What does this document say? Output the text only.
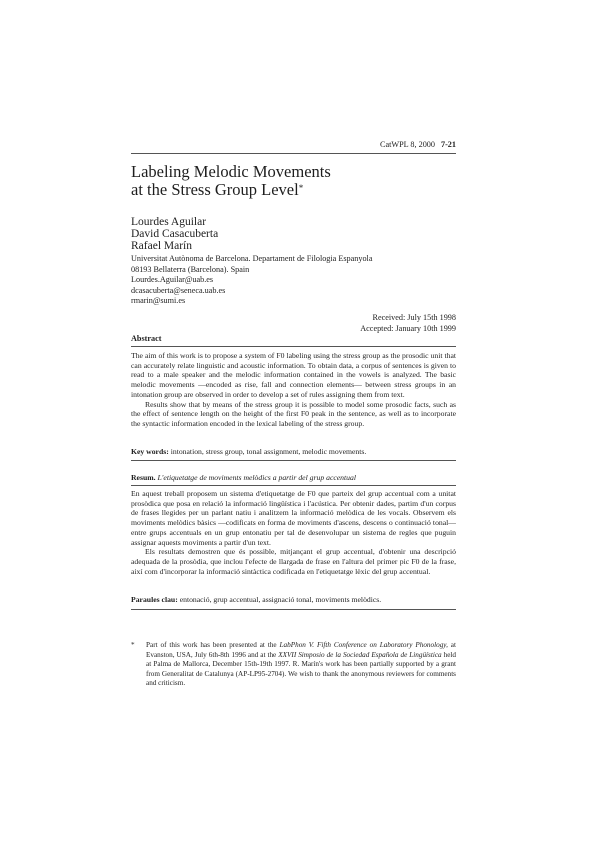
CatWPL 8, 2000 7-21
Labeling Melodic Movements
at the Stress Group Level*
Lourdes Aguilar
David Casacuberta
Rafael Marín
Universitat Autònoma de Barcelona. Departament de Filologia Espanyola
08193 Bellaterra (Barcelona). Spain
Lourdes.Aguilar@uab.es
dcasacuberta@seneca.uab.es
rmarin@sumi.es
Received: July 15th 1998
Accepted: January 10th 1999
Abstract

The aim of this work is to propose a system of F0 labeling using the stress group as the prosodic unit that can accurately relate linguistic and acoustic information. To obtain data, a corpus of sentences is given to read to a male speaker and the melodic information contained in the vowels is analyzed. The basic melodic movements —encoded as rise, fall and connection elements— between stress groups in an intonation group are observed in order to develop a set of rules assigning them from text.

Results show that by means of the stress group it is possible to model some prosodic facts, such as the effect of sentence length on the height of the first F0 peak in the sentence, as well as to incorporate the syntactic information encoded in the lexical labeling of the stress group.

Key words: intonation, stress group, tonal assignment, melodic movements.
Resum. L'etiquetatge de moviments melòdics a partir del grup accentual

En aquest treball proposem un sistema d'etiquetatge de F0 que parteix del grup accentual com a unitat prosòdica que posa en relació la informació lingüística i l'acústica. Per obtenir dades, partim d'un corpus de frases llegides per un parlant natiu i analitzem la informació melòdica de les vocals. Observem els moviments melòdics bàsics —codificats en forma de moviments d'ascens, descens o continuació tonal— entre grups accentuals en un grup entonatiu per tal de desenvolupar un sistema de regles que puguin assignar aquests moviments a partir d'un text.

Els resultats demostren que és possible, mitjançant el grup accentual, d'obtenir una descripció adequada de la prosòdia, que inclou l'efecte de llargada de frase en l'altura del primer pic F0 de la frase, així com d'incorporar la informació sintàctica codificada en l'etiquetatge lèxic del grup accentual.

Paraules clau: entonació, grup accentual, assignació tonal, moviments melòdics.
* Part of this work has been presented at the LabPhon V. Fifth Conference on Laboratory Phonology, at Evanston, USA, July 6th-8th 1996 and at the XXVII Simposio de la Sociedad Española de Lingüística held at Palma de Mallorca, December 15th-19th 1997. R. Marín's work has been partially supported by a grant from Generalitat de Catalunya (AP-LP95-2704). We wish to thank the anonymous reviewers for comments and criticism.
